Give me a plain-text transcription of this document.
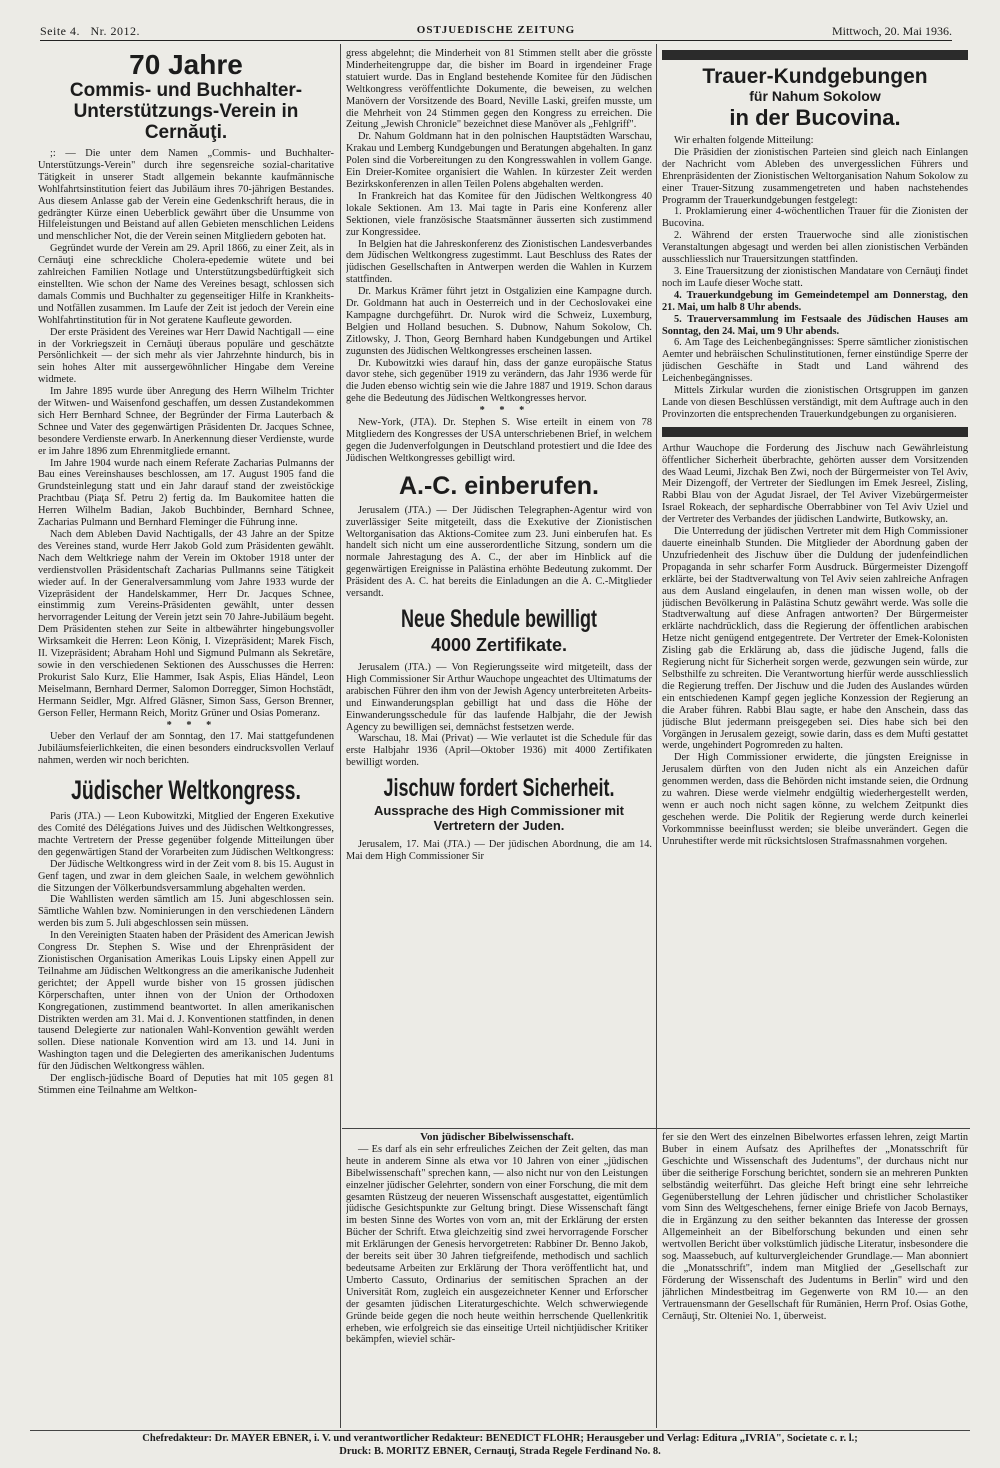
Seite 4. Nr. 2012.	OSTJUEDISCHE ZEITUNG	Mittwoch, 20. Mai 1936.
70 Jahre
Commis- und Buchhalter-Unterstützungs-Verein in Cernăuţi.

;: — Die unter dem Namen „Commis- und Buchhalter-Unterstützungs-Verein" durch ihre segensreiche sozial-charitative Tätigkeit in unserer Stadt allgemein bekannte kaufmännische Wohlfahrtsinstitution feiert das Jubiläum ihres 70-jährigen Bestandes. Aus diesem Anlasse gab der Verein eine Gedenkschrift heraus, die in gedrängter Kürze einen Ueberblick gewährt über die Unsumme von Hilfeleistungen und Beistand auf allen Gebieten menschlichen Leidens und menschlicher Not, die der Verein seinen Mitgliedern geboten hat.

Gegründet wurde der Verein am 29. April 1866, zu einer Zeit, als in Cernăuţi eine schreckliche Cholera-epedemie wütete und bei zahlreichen Familien Notlage und Unterstützungsbedürftigkeit sich einstellten. Wie schon der Name des Vereines besagt, schlossen sich damals Commis und Buchhalter zu gegenseitiger Hilfe in Krankheits- und Notfällen zusammen. Im Laufe der Zeit ist jedoch der Verein eine Wohlfahrtinstitution für in Not geratene Kaufleute geworden.

Der erste Präsident des Vereines war Herr Dawid Nachtigall — eine in der Vorkriegszeit in Cernăuţi überaus populäre und geschätzte Persönlichkeit — der sich mehr als vier Jahrzehnte hindurch, bis in sein hohes Alter mit aussergewöhnlicher Hingabe dem Vereine widmete.

Im Jahre 1895 wurde über Anregung des Herrn Wilhelm Trichter der Witwen- und Waisenfond geschaffen, um dessen Zustandekommen sich Herr Bernhard Schnee, der Begründer der Firma Lauterbach & Schnee und Vater des gegenwärtigen Präsidenten Dr. Jacques Schnee, besondere Verdienste erwarb. In Anerkennung dieser Verdienste, wurde er im Jahre 1896 zum Ehrenmitgliede ernannt.

Im Jahre 1904 wurde nach einem Referate Zacharias Pulmanns der Bau eines Vereinshauses beschlossen, am 17. August 1905 fand die Grundsteinlegung statt und ein Jahr darauf stand der zweistöckige Prachtbau (Piaţa Sf. Petru 2) fertig da. Im Baukomitee hatten die Herren Wilhelm Badian, Jakob Buchbinder, Bernhard Schnee, Zacharias Pulmann und Bernhard Fleminger die Führung inne.

Nach dem Ableben David Nachtigalls, der 43 Jahre an der Spitze des Vereines stand, wurde Herr Jakob Gold zum Präsidenten gewählt. Nach dem Weltkriege nahm der Verein im Oktober 1918 unter der verdienstvollen Präsidentschaft Zacharias Pullmanns seine Tätigkeit wieder auf. In der Generalversammlung vom Jahre 1933 wurde der Vizepräsident der Handelskammer, Herr Dr. Jacques Schnee, einstimmig zum Vereins-Präsidenten gewählt, unter dessen hervorragender Leitung der Verein jetzt sein 70 Jahre-Jubiläum begeht. Dem Präsidenten stehen zur Seite in altbewährter hingebungsvoller Wirksamkeit die Herren: Leon König, I. Vizepräsident; Marek Fisch, II. Vizepräsident; Abraham Hohl und Sigmund Pulmann als Sekretäre, sowie in den verschiedenen Sektionen des Ausschusses die Herren: Prokurist Salo Kurz, Elie Hammer, Isak Aspis, Elias Händel, Leon Meiselmann, Bernhard Dermer, Salomon Dorregger, Simon Hochstädt, Hermann Seidler, Mgr. Alfred Gläsner, Simon Sass, Gerson Brenner, Gerson Feller, Hermann Reich, Moritz Grüner und Osias Pomeranz.

* * *

Ueber den Verlauf der am Sonntag, den 17. Mai stattgefundenen Jubiläumsfeierlichkeiten, die einen besonders eindrucksvollen Verlauf nahmen, werden wir noch berichten.

Jüdischer Weltkongress.

Paris (JTA.) — Leon Kubowitzki, Mitglied der Engeren Exekutive des Comité des Délégations Juives und des Jüdischen Weltkongresses, machte Vertretern der Presse gegenüber folgende Mitteilungen über den gegenwärtigen Stand der Vorarbeiten zum Jüdischen Weltkongress:

Der Jüdische Weltkongress wird in der Zeit vom 8. bis 15. August in Genf tagen, und zwar in dem gleichen Saale, in welchem gewöhnlich die Sitzungen der Völkerbundsversammlung abgehalten werden.

Die Wahllisten werden sämtlich am 15. Juni abgeschlossen sein. Sämtliche Wahlen bzw. Nominierungen in den verschiedenen Ländern werden bis zum 5. Juli abgeschlossen sein müssen.

In den Vereinigten Staaten haben der Präsident des American Jewish Congress Dr. Stephen S. Wise und der Ehrenpräsident der Zionistischen Organisation Amerikas Louis Lipsky einen Appell zur Teilnahme am Jüdischen Weltkongress an die amerikanische Judenheit gerichtet; der Appell wurde bisher von 15 grossen jüdischen Körperschaften, unter ihnen von der Union der Orthodoxen Kongregationen, zustimmend beantwortet. In allen amerikanischen Distrikten werden am 31. Mai d. J. Konventionen stattfinden, in denen tausend Delegierte zur nationalen Wahl-Konvention gewählt werden sollen. Diese nationale Konvention wird am 13. und 14. Juni in Washington tagen und die Delegierten des amerikanischen Judentums für den Jüdischen Weltkongress wählen.

Der englisch-jüdische Board of Deputies hat mit 105 gegen 81 Stimmen eine Teilnahme am Weltkon-

gress abgelehnt; die Minderheit von 81 Stimmen stellt aber die grösste Minderheitengruppe dar, die bisher im Board in irgendeiner Frage statuiert wurde. Das in England bestehende Komitee für den Jüdischen Weltkongress veröffentlichte Dokumente, die beweisen, zu welchen Manövern der Vorsitzende des Board, Neville Laski, greifen musste, um die Mehrheit von 24 Stimmen gegen den Kongress zu erreichen. Die Zeitung „Jewish Chronicle" bezeichnet diese Manöver als „Fehlgriff".

Dr. Nahum Goldmann hat in den polnischen Hauptstädten Warschau, Krakau und Lemberg Kundgebungen und Beratungen abgehalten. In ganz Polen sind die Vorbereitungen zu den Kongresswahlen in vollem Gange. Ein Dreier-Komitee organisiert die Wahlen. In kürzester Zeit werden Bezirkskonferenzen in allen Teilen Polens abgehalten werden.

In Frankreich hat das Komitee für den Jüdischen Weltkongress 40 lokale Sektionen. Am 13. Mai tagte in Paris eine Konferenz aller Sektionen, viele französische Staatsmänner äusserten sich zustimmend zur Kongressidee.

In Belgien hat die Jahreskonferenz des Zionistischen Landesverbandes dem Jüdischen Weltkongress zugestimmt. Laut Beschluss des Rates der jüdischen Gesellschaften in Antwerpen werden die Wahlen in Kurzem stattfinden.

Dr. Markus Krämer führt jetzt in Ostgalizien eine Kampagne durch. Dr. Goldmann hat auch in Oesterreich und in der Cechoslovakei eine Kampagne durchgeführt. Dr. Nurok wird die Schweiz, Luxemburg, Belgien und Holland besuchen. S. Dubnow, Nahum Sokolow, Ch. Zitlowsky, J. Thon, Georg Bernhard haben Kundgebungen und Artikel zugunsten des Jüdischen Weltkongresses erscheinen lassen.

Dr. Kubowitzki wies darauf hin, dass der ganze europäische Status davor stehe, sich gegenüber 1919 zu verändern, das Jahr 1936 werde für die Juden ebenso wichtig sein wie die Jahre 1887 und 1919. Schon daraus gehe die Bedeutung des Jüdischen Weltkongresses hervor.

* * *

New-York, (JTA). Dr. Stephen S. Wise erteilt in einem von 78 Mitgliedern des Kongresses der USA unterschriebenen Brief, in welchem gegen die Judenverfolgungen in Deutschland protestiert und die Idee des Jüdischen Weltkongresses gebilligt wird.

A.-C. einberufen.

Jerusalem (JTA.) — Der Jüdischen Telegraphen-Agentur wird von zuverlässiger Seite mitgeteilt, dass die Exekutive der Zionistischen Weltorganisation das Aktions-Comitee zum 23. Juni einberufen hat. Es handelt sich nicht um eine ausserordentliche Sitzung, sondern um die normale Jahrestagung des A. C., der aber im Hinblick auf die gegenwärtigen Ereignisse in Palästina erhöhte Bedeutung zukommt. Der Präsident des A. C. hat bereits die Einladungen an die A. C.-Mitglieder versandt.

Neue Shedule bewilligt
4000 Zertifikate.

Jerusalem (JTA.) — Von Regierungsseite wird mitgeteilt, dass der High Commissioner Sir Arthur Wauchope ungeachtet des Ultimatums der arabischen Führer den ihm von der Jewish Agency unterbreiteten Arbeits- und Einwanderungsplan gebilligt hat und dass die Höhe der Einwanderungsschedule für das laufende Halbjahr, die der Jewish Agency zu bewilligen sei, demnächst festsetzen werde.

Warschau, 18. Mai (Privat) — Wie verlautet ist die Schedule für das erste Halbjahr 1936 (April—Oktober 1936) mit 4000 Zertifikaten bewilligt worden.

Jischuw fordert Sicherheit.
Aussprache des High Commissioner mit Vertretern der Juden.

Jerusalem, 17. Mai (JTA.) — Der jüdischen Abordnung, die am 14. Mai dem High Commissioner Sir

Trauer-Kundgebungen
für Nahum Sokolow
in der Bucovina.

Wir erhalten folgende Mitteilung:

Die Präsidien der zionistischen Parteien sind gleich nach Einlangen der Nachricht vom Ableben des unvergesslichen Führers und Ehrenpräsidenten der Zionistischen Weltorganisation Nahum Sokolow zu einer Trauer-Sitzung zusammengetreten und haben nachstehendes Programm der Trauerkundgebungen festgelegt:

1. Proklamierung einer 4-wöchentlichen Trauer für die Zionisten der Bucovina.

2. Während der ersten Trauerwoche sind alle zionistischen Veranstaltungen abgesagt und werden bei allen zionistischen Verbänden ausschliesslich nur Trauersitzungen stattfinden.

3. Eine Trauersitzung der zionistischen Mandatare von Cernăuţi findet noch im Laufe dieser Woche statt.

4. Trauerkundgebung im Gemeindetempel am Donnerstag, den 21. Mai, um halb 8 Uhr abends.

5. Trauerversammlung im Festsaale des Jüdischen Hauses am Sonntag, den 24. Mai, um 9 Uhr abends.

6. Am Tage des Leichenbegängnisses: Sperre sämtlicher zionistischen Aemter und hebräischen Schulinstitutionen, ferner einstündige Sperre der jüdischen Geschäfte in Stadt und Land während des Leichenbegängnisses.

Mittels Zirkular wurden die zionistischen Ortsgruppen im ganzen Lande von diesen Beschlüssen verständigt, mit dem Auftrage auch in den Provinzorten die entsprechenden Trauerkundgebungen zu organisieren.

Arthur Wauchope die Forderung des Jischuw nach Gewährleistung öffentlicher Sicherheit überbrachte, gehörten ausser dem Vorsitzenden des Waad Leumi, Jizchak Ben Zwi, noch der Bürgermeister von Tel Aviv, Meir Dizengoff, der Vertreter der Siedlungen im Emek Jesreel, Zisling, Rabbi Blau von der Agudat Jisrael, der Tel Aviver Vizebürgermeister Israel Rokeach, der sephardische Oberrabbiner von Tel Aviv Uziel und der Vertreter des Verbandes der jüdischen Landwirte, Butkowsky, an.

Die Unterredung der jüdischen Vertreter mit dem High Commissioner dauerte eineinhalb Stunden. Die Mitglieder der Abordnung gaben der Unzufriedenheit des Jischuw über die Duldung der judenfeindlichen Propaganda in sehr scharfer Form Ausdruck. Bürgermeister Dizengoff erklärte, bei der Stadtverwaltung von Tel Aviv seien zahlreiche Anfragen aus dem Ausland eingelaufen, in denen man wissen wolle, ob der jüdischen Bevölkerung in Palästina Schutz gewährt werde. Was solle die Stadtverwaltung auf diese Anfragen antworten? Der Bürgermeister erklärte nachdrücklich, dass die Regierung der öffentlichen arabischen Hetze nicht genügend entgegentrete. Der Vertreter der Emek-Kolonisten Zisling gab die Erklärung ab, dass die jüdische Jugend, falls die Regierung nicht für Sicherheit sorgen werde, gezwungen sein würde, zur Selbsthilfe zu schreiten. Die Verantwortung hierfür werde ausschliesslich die Regierung treffen. Der Jischuw und die Juden des Auslandes würden ein entschiedenen Kampf gegen jegliche Konzession der Regierung an die Araber führen. Rabbi Blau sagte, er habe den Anschein, dass das jüdische Blut jedermann preisgegeben sei. Dies habe sich bei den Vorgängen in Jerusalem gezeigt, sowie darin, dass es dem Mufti gestattet werde, ungehindert Pogromreden zu halten.

Der High Commissioner erwiderte, die jüngsten Ereignisse in Jerusalem dürften von den Juden nicht als ein Anzeichen dafür genommen werden, dass die Behörden nicht imstande seien, die Ordnung zu wahren. Diese werde vielmehr endgültig wiederhergestellt werden, wenn er auch noch nicht sagen könne, zu welchem Zeitpunkt dies geschehen werde. Die Politik der Regierung werde durch keinerlei Vorkommnisse beeinflusst werden; sie bleibe unverändert. Gegen die Unruhestifter werde mit rücksichtslosen Strafmassnahmen vorgehen.

Von jüdischer Bibelwissenschaft.

— Es darf als ein sehr erfreuliches Zeichen der Zeit gelten, das man heute in anderem Sinne als etwa vor 10 Jahren von einer „jüdischen Bibelwissenschaft" sprechen kann, — also nicht nur von den Leistungen einzelner jüdischer Gelehrter, sondern von einer Forschung, die mit dem gesamten Rüstzeug der neueren Wissenschaft ausgestattet, eigentümlich jüdische Gesichtspunkte zur Geltung bringt. Diese Wissenschaft fängt im besten Sinne des Wortes von vorn an, mit der Erklärung der ersten Bücher der Schrift. Etwa gleichzeitig sind zwei hervorragende Forscher mit Erklärungen der Genesis hervorgetreten: Rabbiner Dr. Benno Jakob, der bereits seit über 30 Jahren tiefgreifende, methodisch und sachlich bedeutsame Arbeiten zur Erklärung der Thora veröffentlicht hat, und Umberto Cassuto, Ordinarius der semitischen Sprachen an der Universität Rom, zugleich ein ausgezeichneter Kenner und Erforscher der gesamten jüdischen Literaturgeschichte. Welch schwerwiegende Gründe beide gegen die noch heute weithin herrschende Quellenkritik erheben, wie erfolgreich sie das einseitige Urteil nichtjüdischer Kritiker bekämpfen, wieviel schär-

fer sie den Wert des einzelnen Bibelwortes erfassen lehren, zeigt Martin Buber in einem Aufsatz des Aprilheftes der „Monatsschrift für Geschichte und Wissenschaft des Judentums", der durchaus nicht nur über die seitherige Forschung berichtet, sondern sie an mehreren Punkten selbständig weiterführt. Das gleiche Heft bringt eine sehr lehrreiche Gegenüberstellung der Lehren jüdischer und christlicher Scholastiker vom Sinn des Weltgeschehens, ferner einige Briefe von Jacob Bernays, die in Ergänzung zu den seither bekannten das Interesse der grossen Allgemeinheit an der Bibelforschung bekunden und einen sehr wertvollen Bericht über volkstümlich jüdische Literatur, insbesondere die sog. Maassebuch, auf kulturvergleichender Grundlage.— Man abonniert die „Monatsschrift", indem man Mitglied der „Gesellschaft zur Förderung der Wissenschaft des Judentums in Berlin" wird und den jährlichen Mindestbeitrag im Gegenwerte von RM 10.— an den Vertrauensmann der Gesellschaft für Rumänien, Herrn Prof. Osias Gothe, Cernăuţi, Str. Olteniei No. 1, überweist.

Chefredakteur: Dr. MAYER EBNER, i. V. und verantwortlicher Redakteur: BENEDICT FLOHR; Herausgeber und Verlag: Editura „IVRIA", Societate c. r. l.;
Druck: B. MORITZ EBNER, Cernauţi, Strada Regele Ferdinand No. 8.
